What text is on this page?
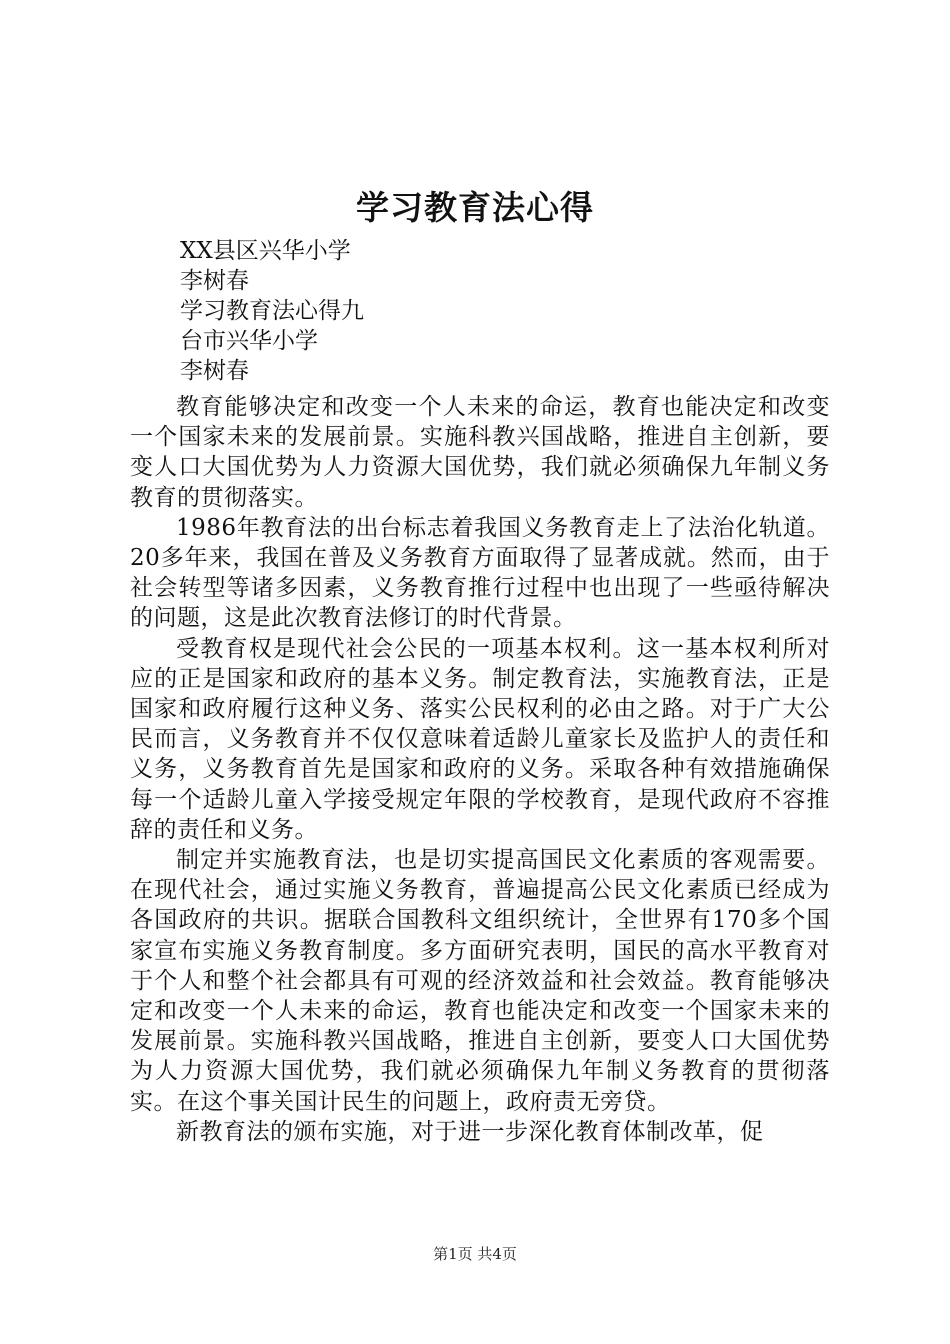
学习教育法心得
XX县区兴华小学
李树春
学习教育法心得九
台市兴华小学
李树春

教育能够决定和改变一个人未来的命运，教育也能决定和改变一个国家未来的发展前景。实施科教兴国战略，推进自主创新，要变人口大国优势为人力资源大国优势，我们就必须确保九年制义务教育的贯彻落实。

1986年教育法的出台标志着我国义务教育走上了法治化轨道。20多年来，我国在普及义务教育方面取得了显著成就。然而，由于社会转型等诸多因素，义务教育推行过程中也出现了一些亟待解决的问题，这是此次教育法修订的时代背景。

受教育权是现代社会公民的一项基本权利。这一基本权利所对应的正是国家和政府的基本义务。制定教育法，实施教育法，正是国家和政府履行这种义务、落实公民权利的必由之路。对于广大公民而言，义务教育并不仅仅意味着适龄儿童家长及监护人的责任和义务，义务教育首先是国家和政府的义务。采取各种有效措施确保每一个适龄儿童入学接受规定年限的学校教育，是现代政府不容推辞的责任和义务。

制定并实施教育法，也是切实提高国民文化素质的客观需要。在现代社会，通过实施义务教育，普遍提高公民文化素质已经成为各国政府的共识。据联合国教科文组织统计，全世界有170多个国家宣布实施义务教育制度。多方面研究表明，国民的高水平教育对于个人和整个社会都具有可观的经济效益和社会效益。教育能够决定和改变一个人未来的命运，教育也能决定和改变一个国家未来的发展前景。实施科教兴国战略，推进自主创新，要变人口大国优势为人力资源大国优势，我们就必须确保九年制义务教育的贯彻落实。在这个事关国计民生的问题上，政府责无旁贷。

新教育法的颁布实施，对于进一步深化教育体制改革，促

第1页 共4页
